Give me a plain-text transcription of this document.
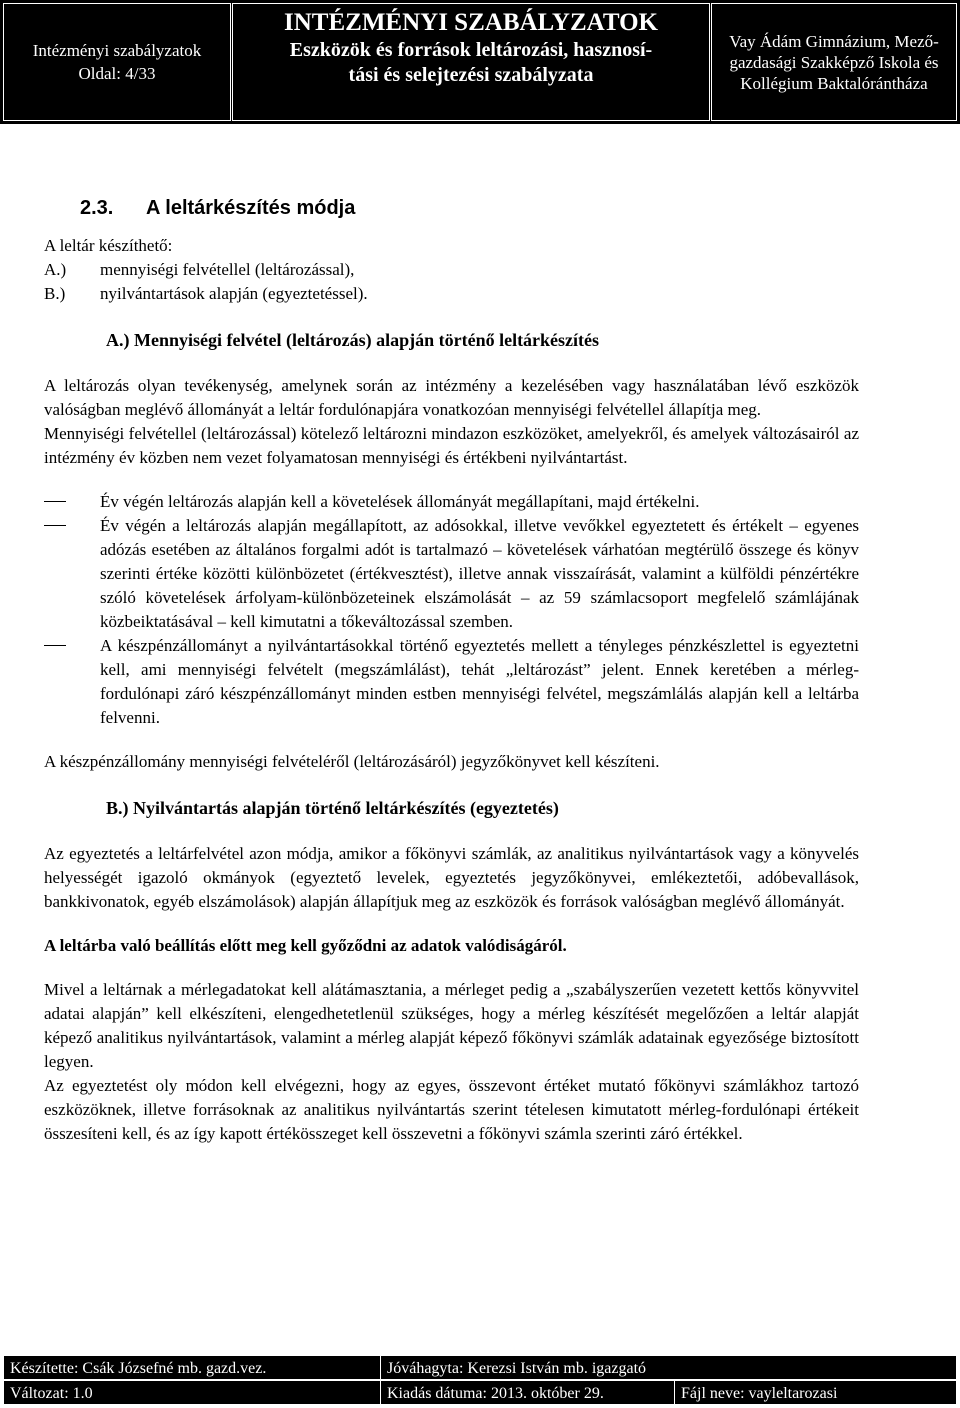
Intézményi szabályzatok
Oldal: 4/33
INTÉZMÉNYI SZABÁLYZATOK
Eszközök és források leltározási, hasznosí-
tási és selejtezési szabályzata
Vay Ádám Gimnázium, Mező-
gazdasági Szakképző Iskola és
Kollégium Baktalórántháza
2.3. A leltárkészítés módja

A leltár készíthető:

A.)	mennyiségi felvétellel (leltározással),
B.)	nyilvántartások alapján (egyeztetéssel).
A.) Mennyiségi felvétel (leltározás) alapján történő leltárkészítés

A leltározás olyan tevékenység, amelynek során az intézmény a kezelésében vagy használatában lévő eszközök valóságban meglévő állományát a leltár fordulónapjára vonatkozóan mennyiségi felvétellel állapítja meg.

Mennyiségi felvétellel (leltározással) kötelező leltározni mindazon eszközöket, amelyekről, és amelyek változásairól az intézmény év közben nem vezet folyamatosan mennyiségi és értékbeni nyilvántartást.

Év végén leltározás alapján kell a követelések állományát megállapítani, majd értékelni.
Év végén a leltározás alapján megállapított, az adósokkal, illetve vevőkkel egyeztetett és értékelt – egyenes adózás esetében az általános forgalmi adót is tartalmazó – követelések várhatóan megtérülő összege és könyv szerinti értéke közötti különbözetet (értékvesztést), illetve annak visszaírását, valamint a külföldi pénzértékre szóló követelések árfolyam-különbözeteinek elszámolását – az 59 számlacsoport megfelelő számlájának közbeiktatásával – kell kimutatni a tőkeváltozással szemben.
A készpénzállományt a nyilvántartásokkal történő egyeztetés mellett a tényleges pénzkészlettel is egyeztetni kell, ami mennyiségi felvételt (megszámlálást), tehát „leltározást” jelent. Ennek keretében a mérleg-fordulónapi záró készpénzállományt minden estben mennyiségi felvétel, megszámlálás alapján kell a leltárba felvenni.

A készpénzállomány mennyiségi felvételéről (leltározásáról) jegyzőkönyvet kell készíteni.

B.) Nyilvántartás alapján történő leltárkészítés (egyeztetés)

Az egyeztetés a leltárfelvétel azon módja, amikor a főkönyvi számlák, az analitikus nyilvántartások vagy a könyvelés helyességét igazoló okmányok (egyeztető levelek, egyeztetés jegyzőkönyvei, emlékeztetői, adóbevallások, bankkivonatok, egyéb elszámolások) alapján állapítjuk meg az eszközök és források valóságban meglévő állományát.

A leltárba való beállítás előtt meg kell győződni az adatok valódiságáról.

Mivel a leltárnak a mérlegadatokat kell alátámasztania, a mérleget pedig a „szabályszerűen vezetett kettős könyvvitel adatai alapján” kell elkészíteni, elengedhetetlenül szükséges, hogy a mérleg készítését megelőzően a leltár alapját képező analitikus nyilvántartások, valamint a mérleg alapját képező főkönyvi számlák adatainak egyezősége biztosított legyen.

Az egyeztetést oly módon kell elvégezni, hogy az egyes, összevont értéket mutató főkönyvi számlákhoz tartozó eszközöknek, illetve forrásoknak az analitikus nyilvántartás szerint tételesen kimutatott mérleg-fordulónapi értékeit összesíteni kell, és az így kapott értékösszeget kell összevetni a főkönyvi számla szerinti záró értékkel.

Készítette: Csák Józsefné mb. gazd.vez.	Jóváhagyta: Kerezsi István mb. igazgató
Változat: 1.0	Kiadás dátuma: 2013. október 29.	Fájl neve: vayleltarozasi
